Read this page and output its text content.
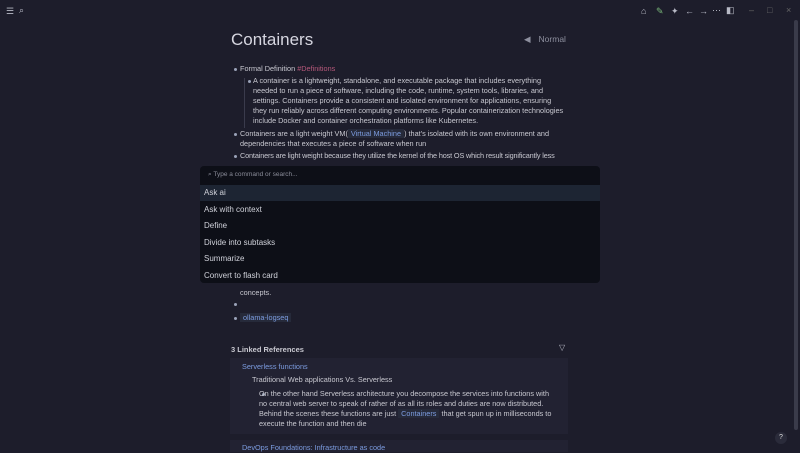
☰ ⌕	⌂ ✎ ✦ ← → ⋯ ◧ – □ ×
Containers	◀ Normal
Formal Definition #Definitions
A container is a lightweight, standalone, and executable package that includes everything needed to run a piece of software, including the code, runtime, system tools, libraries, and settings. Containers provide a consistent and isolated environment for applications, ensuring they run reliably across different computing environments. Popular containerization technologies include Docker and container orchestration platforms like Kubernetes.
Containers are a light weight VM( Virtual Machine ) that's isolated with its own environment and dependencies that executes a piece of software when run
Containers are light weight because they utilize the kernel of the host OS which result significantly less
concepts.
ollama-logseq
⌕ Type a command or search...
Ask ai
Ask with context
Define
Divide into subtasks
Summarize
Convert to flash card
3 Linked References	▽
Serverless functions
Traditional Web applications Vs. Serverless
On the other hand Serverless architecture you decompose the services into functions with no central web server to speak of rather of as all its roles and duties are now distributed. Behind the scenes these functions are just Containers that get spun up in milliseconds to execute the function and then die
DevOps Foundations: Infrastructure as code
?
